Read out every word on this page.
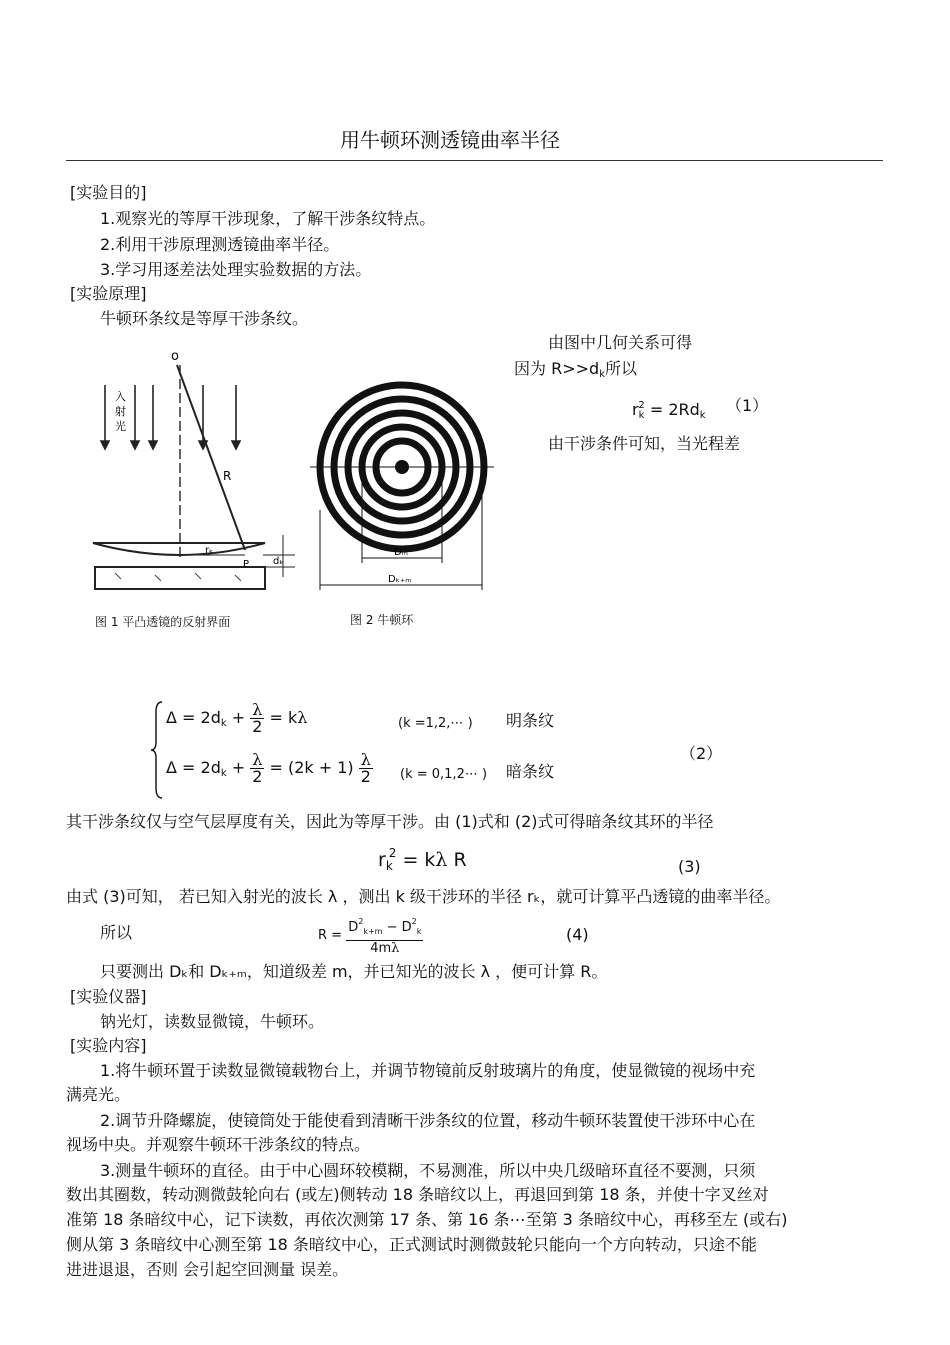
用牛顿环测透镜曲率半径
[实验目的]
1.观察光的等厚干涉现象，了解干涉条纹特点。
2.利用干涉原理测透镜曲率半径。
3.学习用逐差法处理实验数据的方法。
[实验原理]
牛顿环条纹是等厚干涉条纹。
由图中几何关系可得
因为 $R>>d_k$所以
$r_k^2 = 2Rd_k$
（1）
由干涉条件可知，当光程差
o
入
射
光
R
rₖ
P dₖ
图 1 平凸透镜的反射界面
Dₘ
Dₖ₊ₘ
图 2 牛顿环
$\Delta = 2d_k + \frac{\lambda}{2} = k\lambda$	(k =1,2,⋯ ) 明条纹
$\Delta = 2d_k + \frac{\lambda}{2} = (2k + 1) \frac{\lambda}{2} (k$ = 0,1,2⋯ ) 暗条纹
（2）
其干涉条纹仅与空气层厚度有关，因此为等厚干涉。由 (1)式和 (2)式可得暗条纹其环的半径
$r_k^2 = k\lambda$ R	(3)
由式 (3)可知， 若已知入射光的波长 λ ，测出 k 级干涉环的半径 rₖ，就可计算平凸透镜的曲率半径。
所以	$R = \frac{D^2_{k+m} - D^2_k}{4m\lambda}$	(4)
只要测出 Dₖ和 Dₖ₊ₘ，知道级差 m，并已知光的波长 λ ，便可计算 R。
[实验仪器]
钠光灯，读数显微镜，牛顿环。
[实验内容]
1.将牛顿环置于读数显微镜载物台上，并调节物镜前反射玻璃片的角度，使显微镜的视场中充
满亮光。
2.调节升降螺旋，使镜筒处于能使看到清晰干涉条纹的位置，移动牛顿环装置使干涉环中心在
视场中央。并观察牛顿环干涉条纹的特点。
3.测量牛顿环的直径。由于中心圆环较模糊，不易测准，所以中央几级暗环直径不要测，只须
数出其圈数，转动测微鼓轮向右 (或左)侧转动 18 条暗纹以上，再退回到第 18 条，并使十字叉丝对
准第 18 条暗纹中心，记下读数，再依次测第 17 条、第 16 条⋯至第 3 条暗纹中心，再移至左 (或右)
侧从第 3 条暗纹中心测至第 18 条暗纹中心，正式测试时测微鼓轮只能向一个方向转动，只途不能
进进退退，否则 会引起空回测量 误差。
